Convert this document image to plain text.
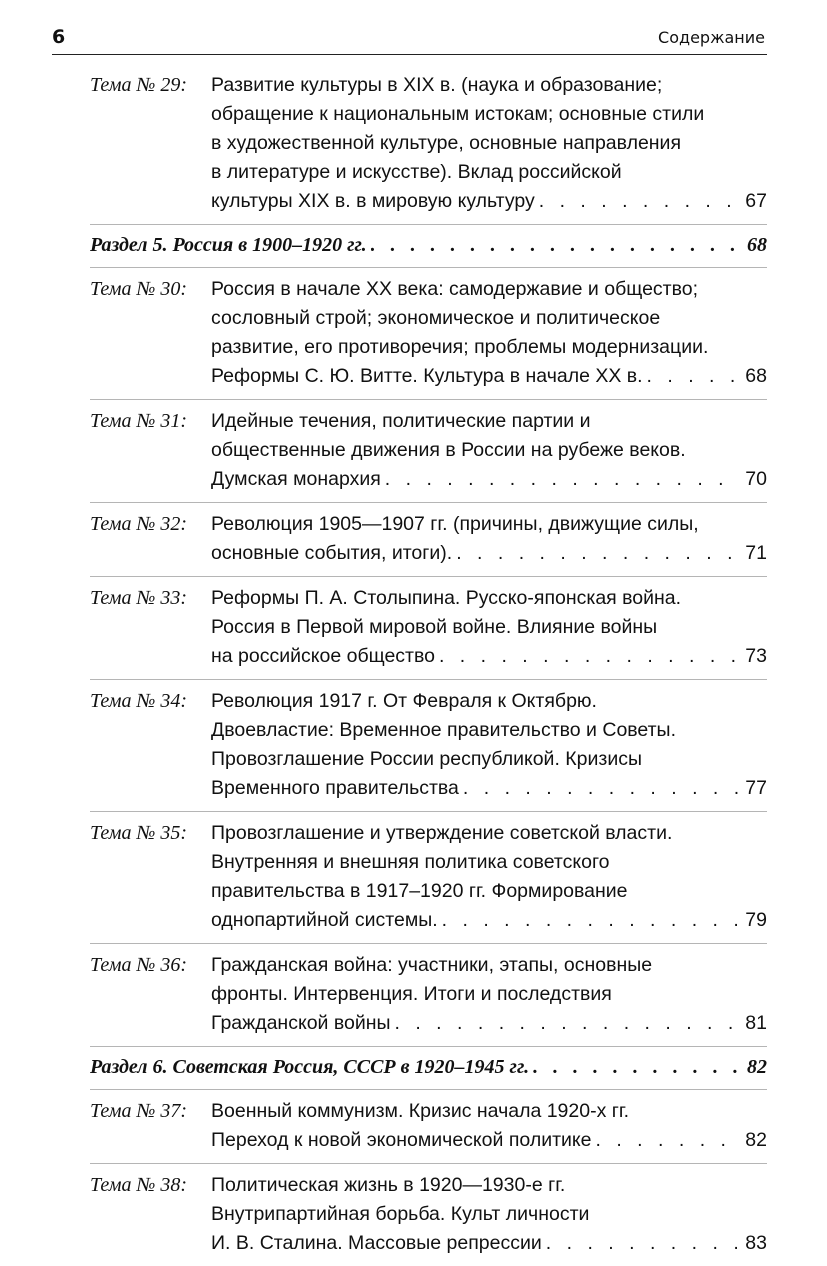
6	Содержание
Тема № 29:	Развитие культуры в XIX в. (наука и образование;
обращение к национальным истокам; основные стили
в художественной культуре, основные направления
в литературе и искусстве). Вклад российской
культуры XIX в. в мировую культуру . . .	67
Раздел 5. Россия в 1900–1920 гг. . . .	68
Тема № 30:	Россия в начале XX века: самодержавие и общество;
сословный строй; экономическое и политическое
развитие, его противоречия; проблемы модернизации.
Реформы С. Ю. Витте. Культура в начале XX в. . . .	68
Тема № 31:	Идейные течения, политические партии и
общественные движения в России на рубеже веков.
Думская монархия . . .	70
Тема № 32:	Революция 1905—1907 гг. (причины, движущие силы,
основные события, итоги). . . .	71
Тема № 33:	Реформы П. А. Столыпина. Русско-японская война.
Россия в Первой мировой войне. Влияние войны
на российское общество . . .	73
Тема № 34:	Революция 1917 г. От Февраля к Октябрю.
Двоевластие: Временное правительство и Советы.
Провозглашение России республикой. Кризисы
Временного правительства . . .	77
Тема № 35:	Провозглашение и утверждение советской власти.
Внутренняя и внешняя политика советского
правительства в 1917–1920 гг. Формирование
однопартийной системы. . . .	79
Тема № 36:	Гражданская война: участники, этапы, основные
фронты. Интервенция. Итоги и последствия
Гражданской войны . . .	81
Раздел 6. Советская Россия, СССР в 1920–1945 гг. . . .	82
Тема № 37:	Военный коммунизм. Кризис начала 1920-х гг.
Переход к новой экономической политике . . .	82
Тема № 38:	Политическая жизнь в 1920—1930-е гг.
Внутрипартийная борьба. Культ личности
И. В. Сталина. Массовые репрессии . . .	83
